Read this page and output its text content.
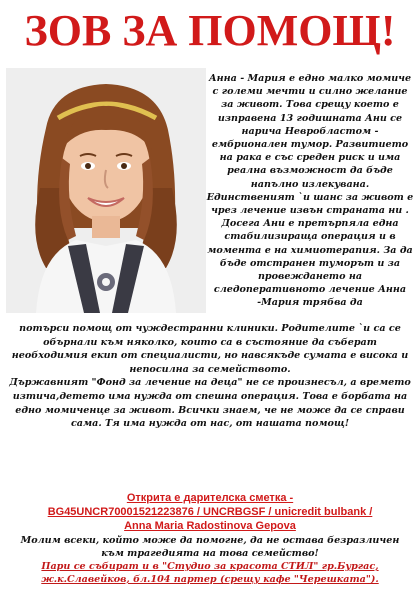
ЗОВ ЗА ПОМОЩ!
Анна - Мария е едно малко момиче с големи мечти и силно желание за живот. Това срещу което е изправена 13 годишната Ани се нарича Невробластом - ембрионален тумор. Развитието на рака е със среден риск и има реална възможност да бъде напълно излекувана. Единственият `и шанс за живот е чрез лечение извън страната ни . Досега Ани е претърпяла една стабилизираща операция и в момента е на химиотерапия. За да бъде отстранен туморът и за провеждането на следоперативното лечение Анна -Мария трябва да

потърси помощ от чуждестранни клиники. Родителите `и са се обърнали към няколко, които са в състояние да съберат необходимия екип от специалисти, но навсякъде сумата е висока и непосилна за семейството.

Държавният "Фонд за лечение на деца" не се произнесъл, а времето изтича,детето има нужда от спешна операция. Това е борбата на едно момиченце за живот. Всички знаем, че не може да се справи сама. Тя има нужда от нас, от нашата помощ!

Открита е дарителска сметка -
BG45UNCR70001521223876 / UNCRBGSF / unicredit bulbank /
Anna Maria Radostinova Gepova
Молим всеки, който може да помогне, да не остава безразличен към трагедията на това семейство!
Пари се събират и в "Студио за красота СТИЛ" гр.Бургас, ж.к.Славейков, бл.104 партер (срещу кафе "Черешката").
